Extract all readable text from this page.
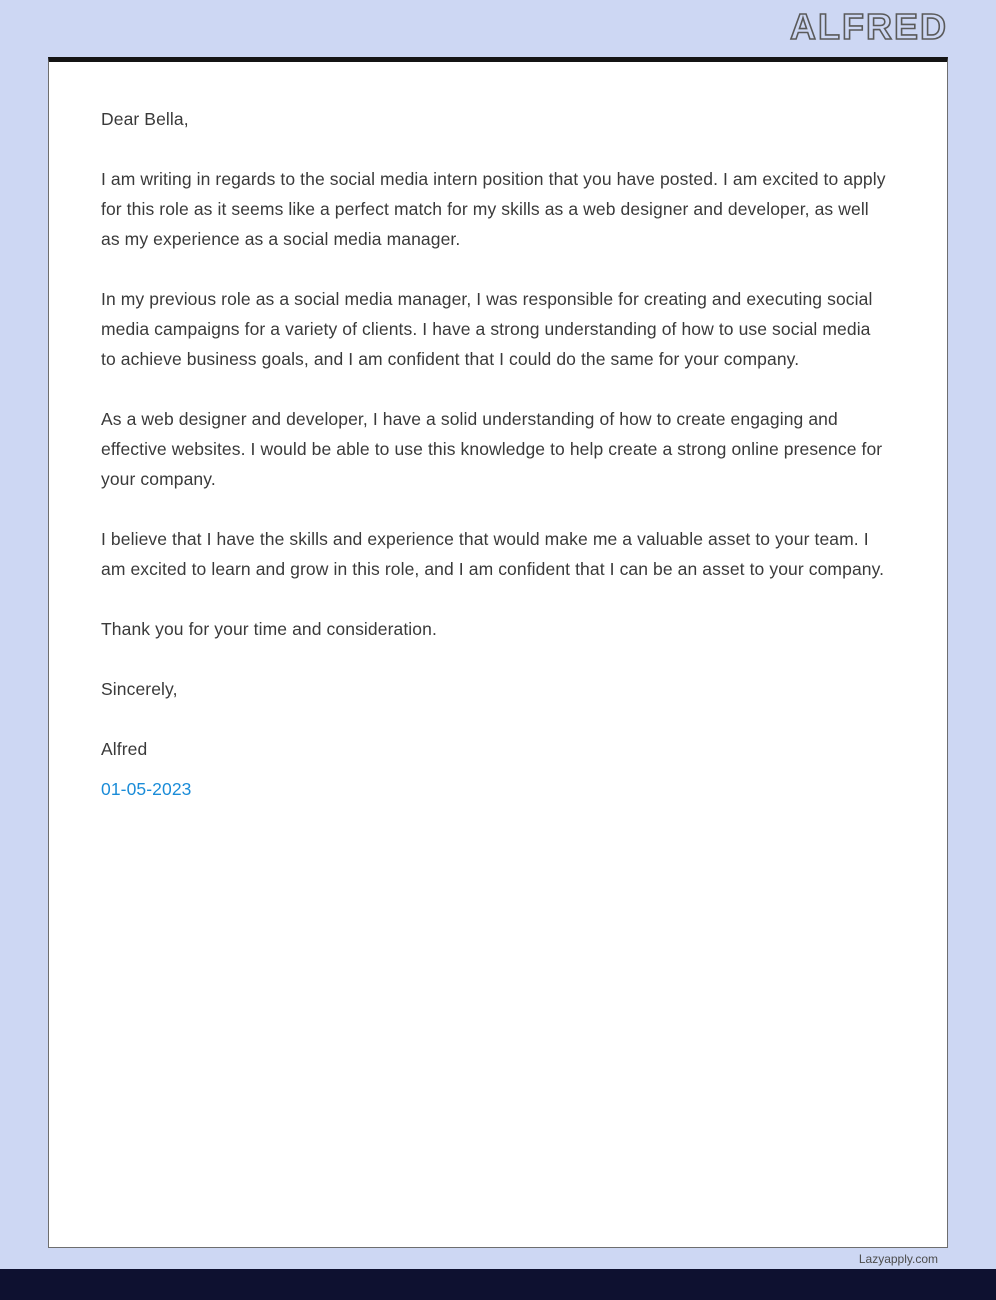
ALFRED

Dear Bella,

I am writing in regards to the social media intern position that you have posted. I am excited to apply for this role as it seems like a perfect match for my skills as a web designer and developer, as well as my experience as a social media manager.

In my previous role as a social media manager, I was responsible for creating and executing social media campaigns for a variety of clients. I have a strong understanding of how to use social media to achieve business goals, and I am confident that I could do the same for your company.

As a web designer and developer, I have a solid understanding of how to create engaging and effective websites. I would be able to use this knowledge to help create a strong online presence for your company.

I believe that I have the skills and experience that would make me a valuable asset to your team. I am excited to learn and grow in this role, and I am confident that I can be an asset to your company.

Thank you for your time and consideration.

Sincerely,

Alfred

01-05-2023

Lazyapply.com
